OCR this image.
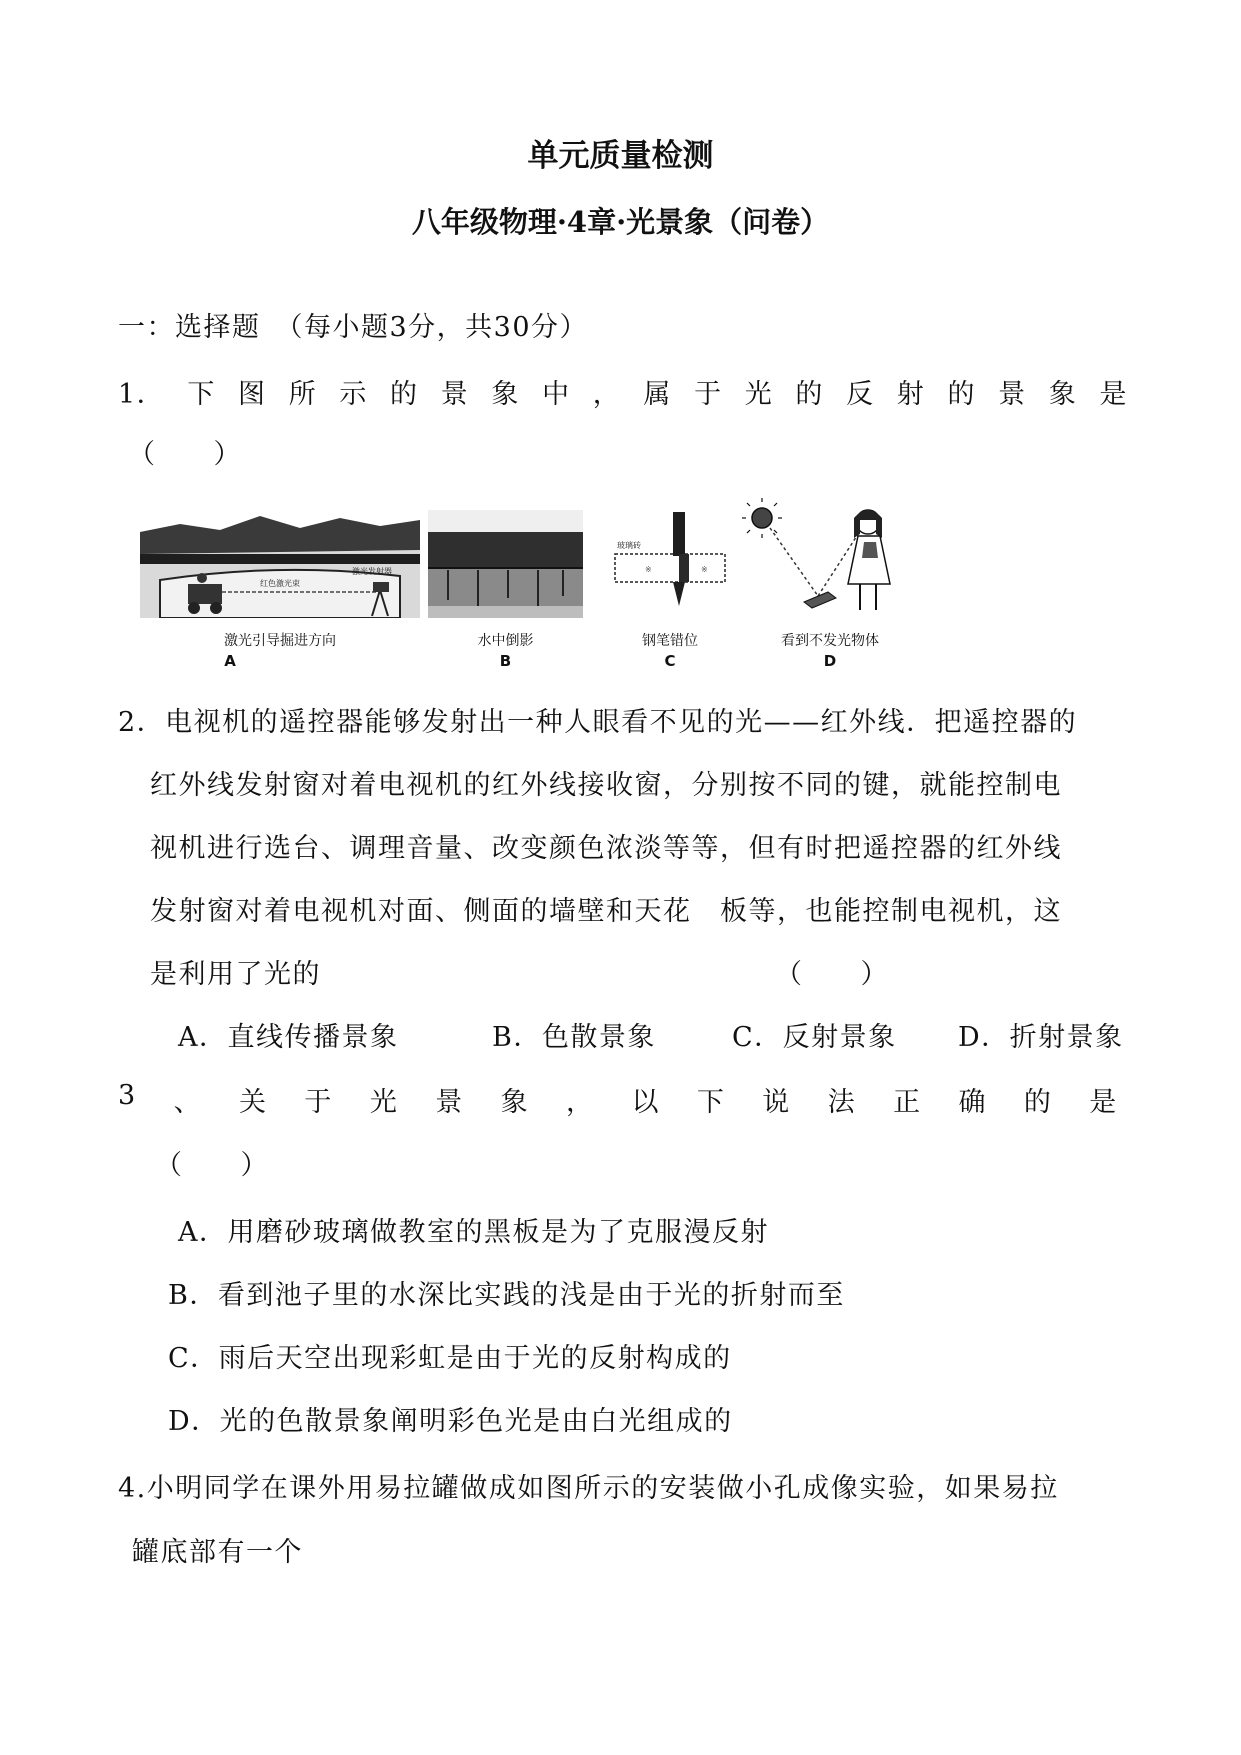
单元质量检测
八年级物理·4章·光景象（问卷）
一：选择题　（每小题3分，共30分）
1． 下 图 所 示 的 景 象 中 ， 属 于 光 的 反 射 的 景 象 是
（　　）
红色激光束
激光发射器
激光引导掘进方向
A
水中倒影
B
玻璃砖
※	※
钢笔错位
C
看到不发光物体
D
2．电视机的遥控器能够发射出一种人眼看不见的光——红外线．把遥控器的
红外线发射窗对着电视机的红外线接收窗，分别按不同的键，就能控制电
视机进行选台、调理音量、改变颜色浓淡等等，但有时把遥控器的红外线
发射窗对着电视机对面、侧面的墙壁和天花　板等，也能控制电视机，这
是利用了光的	（　　）
A．直线传播景象	B．色散景象	C．反射景象 D．折射景象
3 、 关 于 光 景 象 ， 以 下 说 法 正 确 的 是
（　　）
A．用磨砂玻璃做教室的黑板是为了克服漫反射
B．看到池子里的水深比实践的浅是由于光的折射而至
C．雨后天空出现彩虹是由于光的反射构成的
D．光的色散景象阐明彩色光是由白光组成的
4.小明同学在课外用易拉罐做成如图所示的安装做小孔成像实验，如果易拉
罐底部有一个
